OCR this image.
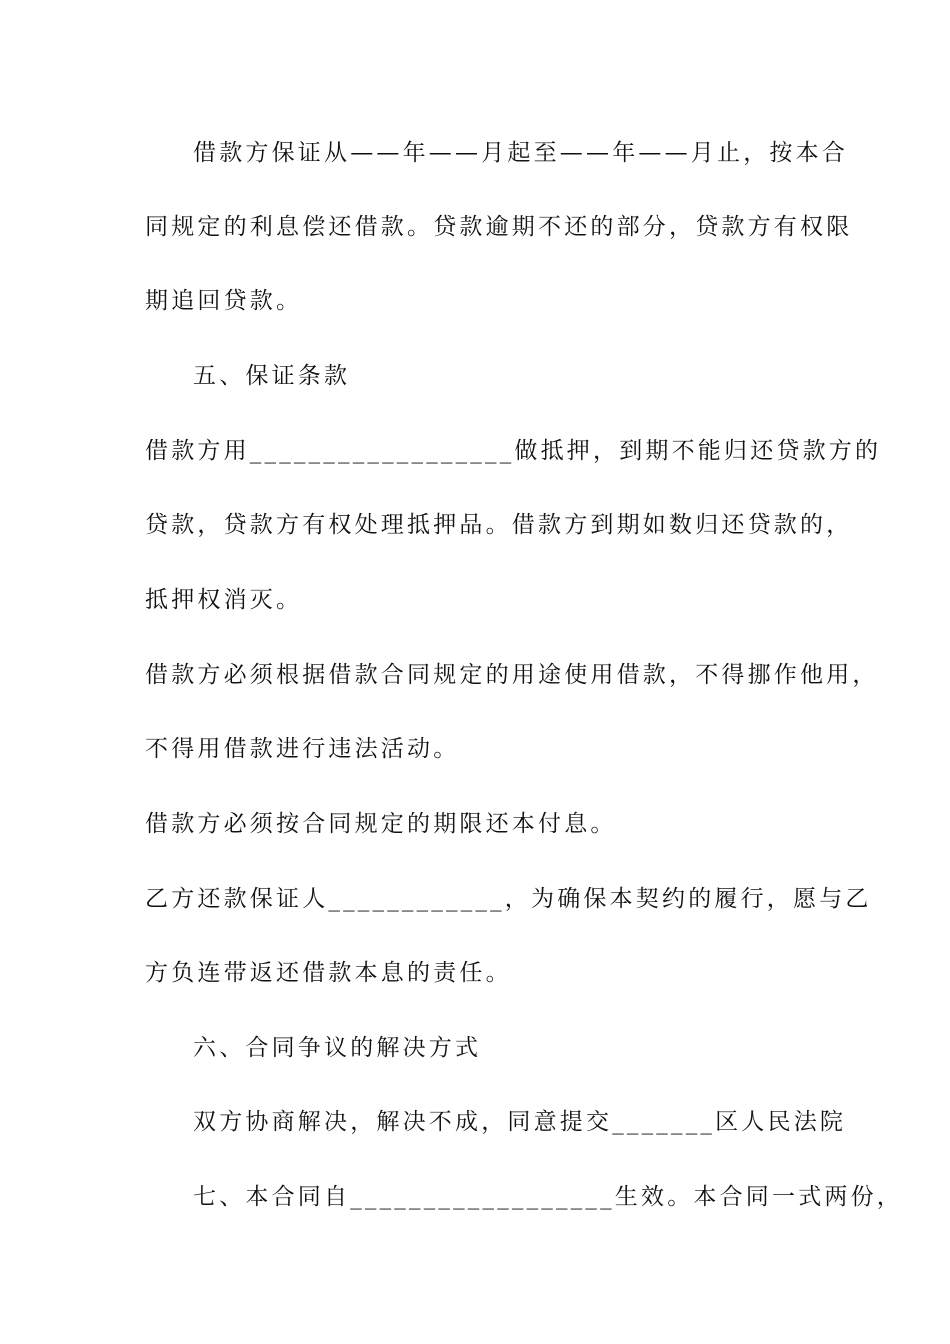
借款方保证从——年——月起至——年——月止，按本合

同规定的利息偿还借款。贷款逾期不还的部分，贷款方有权限

期追回贷款。

五、保证条款

借款方用__________________做抵押，到期不能归还贷款方的

贷款，贷款方有权处理抵押品。借款方到期如数归还贷款的，

抵押权消灭。

借款方必须根据借款合同规定的用途使用借款，不得挪作他用，

不得用借款进行违法活动。

借款方必须按合同规定的期限还本付息。

乙方还款保证人____________，为确保本契约的履行，愿与乙

方负连带返还借款本息的责任。

六、合同争议的解决方式

双方协商解决，解决不成，同意提交_______区人民法院

七、本合同自__________________生效。本合同一式两份，
